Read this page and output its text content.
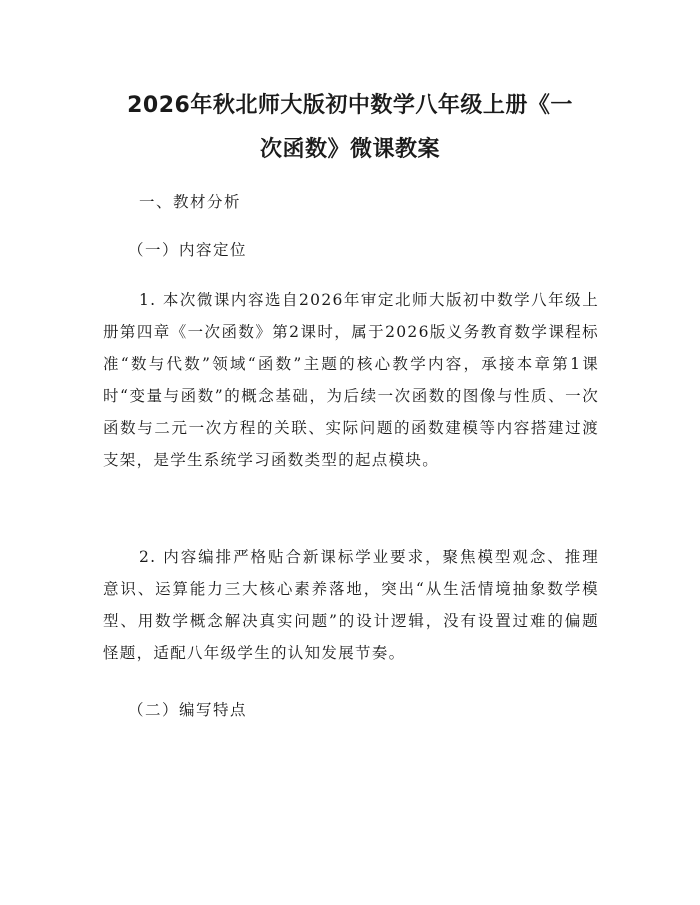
2026年秋北师大版初中数学八年级上册《一
次函数》微课教案
一、教材分析
（一）内容定位
1. 本次微课内容选自2026年审定北师大版初中数学八年级上册第四章《一次函数》第2课时，属于2026版义务教育数学课程标准“数与代数”领域“函数”主题的核心教学内容，承接本章第1课时“变量与函数”的概念基础，为后续一次函数的图像与性质、一次函数与二元一次方程的关联、实际问题的函数建模等内容搭建过渡支架，是学生系统学习函数类型的起点模块。
2. 内容编排严格贴合新课标学业要求，聚焦模型观念、推理意识、运算能力三大核心素养落地，突出“从生活情境抽象数学模型、用数学概念解决真实问题”的设计逻辑，没有设置过难的偏题怪题，适配八年级学生的认知发展节奏。
（二）编写特点
